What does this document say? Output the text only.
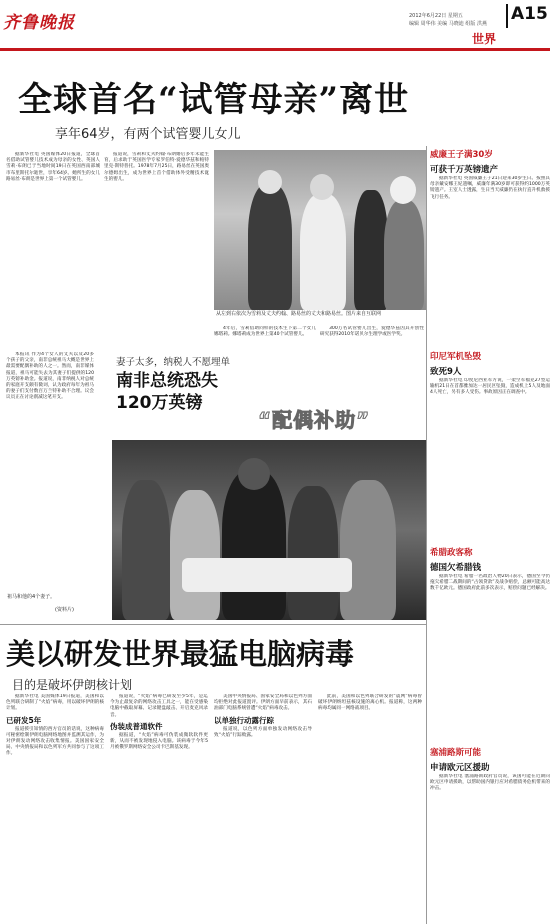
齐鲁晚报	2012年6月22日 星期五
编辑 周华伟 美编 马晓迪 组版 洪燕 A15
世界
全球首名“试管母亲”离世
享年64岁，有两个试管婴儿女儿

据新华社电 英国媒体20日报道，全球首名借助试管婴儿技术成为母亲的女性、英国人雪莉·布朗已于当地时间19日在英国西南部城市布里斯托尔逝世，享年64岁。她所生的女儿路易丝·布朗是世界上第一个试管婴儿。

报道说，雪莉和丈夫约翰·布朗婚后多年未能生育，后求助于英国医学专家罗伯特·爱德华兹和帕特里克·斯特普托。1978年7月25日，路易丝在英国奥尔德姆出生，成为世界上首个借助体外受精技术诞生的婴儿。

从左到右依次为雪莉及丈夫约翰、路易丝的丈夫和路易丝。图片来自互联网

4年后，雪莉借助同样的技术生下第二个女儿娜塔莉。娜塔莉成为世界上第40个试管婴儿。

300万名试管婴儿出生，爱德华兹因其开创性研究获得2010年诺贝尔生理学或医学奖。

本报讯 作为4个女人的丈夫以及20多个孩子的父亲，南非总统祖马大概是世界上最需要配偶补助的人之一。然而，南非媒体报道，祖马可能失去为其妻子们提供的120万英镑补助金。报道说，南非纳税人对总统的家庭开支颇有微词，认为政府每年为祖马的妻子们支付数百万兰特补助不合理。议会议员正在讨论削减这笔开支。

妻子太多，纳税人不愿埋单
南非总统恐失
120万英镑
“配偶补助”
祖马和他的4个妻子。
(资料片)
美以研发世界最猛电脑病毒
目的是破坏伊朗核计划

据新华社电 美国媒体19日报道，美国和以色列联合研制了“火焰”病毒，用以破坏伊朗的核计划。

已研发5年

报道援引知情的西方官员的话说，这种病毒可秘密绘制伊朗电脑网络地图并监测其运作，为对伊朗发动网络攻击收集情报。美国国家安全局、中央情报局和以色列军方共同参与了这项工作。

报道说，“火焰”病毒已研发至少5年，是迄今为止最复杂的网络攻击工具之一，能在受感染电脑中截取屏幕、记录键盘敲击、开启麦克风录音。

伪装成普通软件

据报道，“火焰”病毒可伪装成微软软件更新，从而不被发现地侵入电脑。该病毒于今年5月被俄罗斯网络安全公司卡巴斯基发现。

美国中央情报局、国家安全局和以色列方面均拒绝对此报道置评。伊朗方面早前表示，其石油部门电脑系统曾遭“火焰”病毒攻击。

以单独行动露行踪

报道说，以色列方面单独发动网络攻击导致“火焰”行踪败露。

此前，美国和以色列联合研发的“震网”病毒曾破坏伊朗纳坦兹核设施的离心机。报道称，这两种病毒均属同一网络战项目。

威廉王子满30岁
可获千万英镑遗产

据新华社电 英国威廉王子21日迎来30岁生日。按照其母亲戴安娜王妃遗嘱，威廉年满30岁即可获得约1000万英镑遗产。王室人士透露，生日当天威廉仍在执行直升机救援飞行任务。

印尼军机坠毁
致死9人

据新华社电 印度尼西亚军方说，一架空军福克27型运输机21日在首都雅加达一居民区坠毁，造成机上5人及地面4人死亡，另有多人受伤。事故原因正在调查中。

希腊政客称
德国欠希腊钱

据新华社电 希腊一名政治人物20日表示，德国至今仍拖欠希腊二战期间的“占领贷款”及战争赔偿，总额可能高达数千亿欧元。德国政府此前多次表示，赔偿问题已经解决。

塞浦路斯可能
申请欧元区援助

据新华社电 塞浦路斯政府官员说，该国可能在近期向欧元区申请援助，以帮助国内银行应对希腊债务危机带来的冲击。
